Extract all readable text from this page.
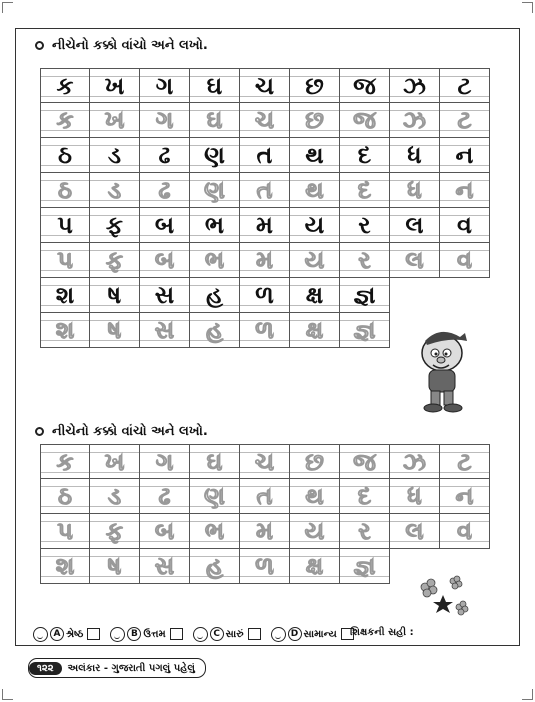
નીચેનો કક્કો વાંચો અને લખો.
ક ખ ગ ઘ ચ છ જ ઝ ટ
ક ખ ગ ઘ ચ છ જ ઝ ટ
ઠ ડ ઢ ણ ત થ દ ધ ન
ઠ ડ ઢ ણ ત થ દ ધ ન
પ ફ બ ભ મ ય ર લ વ
પ ફ બ ભ મ ય ર લ વ
શ ષ સ હ ળ ક્ષ જ્ઞ
શ ષ સ હ ળ ક્ષ જ્ઞ
નીચેનો કક્કો વાંચો અને લખો.
ક ખ ગ ઘ ચ છ જ ઝ ટ
ઠ ડ ઢ ણ ત થ દ ધ ન
પ ફ બ ભ મ ય ર લ વ
શ ષ સ હ ળ ક્ષ જ્ઞ
A શ્રેષ્ઠ	B ઉત્તમ	C સારું	D સામાન્ય શિક્ષકની સહી :
૧૨૨	અલંકાર - ગુજરાતી પગલું પહેલું
